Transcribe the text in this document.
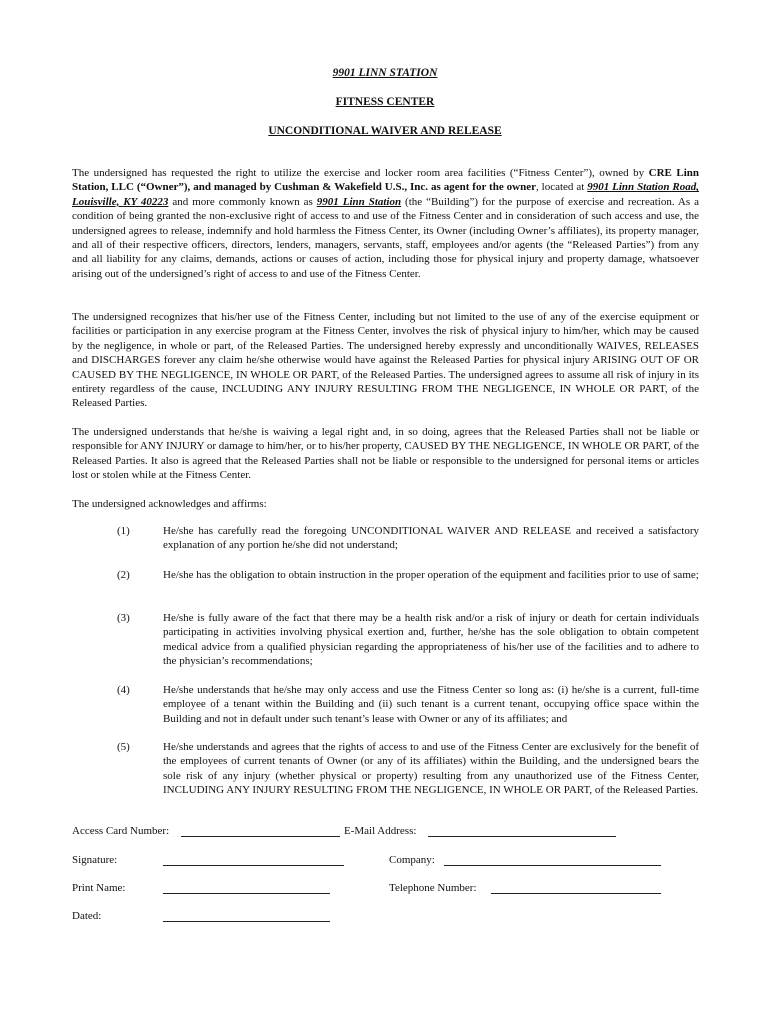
9901 LINN STATION
FITNESS CENTER
UNCONDITIONAL WAIVER AND RELEASE

The undersigned has requested the right to utilize the exercise and locker room area facilities (“Fitness Center”), owned by CRE Linn Station, LLC (“Owner”), and managed by Cushman & Wakefield U.S., Inc. as agent for the owner, located at 9901 Linn Station Road, Louisville, KY 40223 and more commonly known as 9901 Linn Station (the “Building”) for the purpose of exercise and recreation. As a condition of being granted the non-exclusive right of access to and use of the Fitness Center and in consideration of such access and use, the undersigned agrees to release, indemnify and hold harmless the Fitness Center, its Owner (including Owner’s affiliates), its property manager, and all of their respective officers, directors, lenders, managers, servants, staff, employees and/or agents (the “Released Parties”) from any and all liability for any claims, demands, actions or causes of action, including those for physical injury and property damage, whatsoever arising out of the undersigned’s right of access to and use of the Fitness Center.

The undersigned recognizes that his/her use of the Fitness Center, including but not limited to the use of any of the exercise equipment or facilities or participation in any exercise program at the Fitness Center, involves the risk of physical injury to him/her, which may be caused by the negligence, in whole or part, of the Released Parties. The undersigned hereby expressly and unconditionally WAIVES, RELEASES and DISCHARGES forever any claim he/she otherwise would have against the Released Parties for physical injury ARISING OUT OF OR CAUSED BY THE NEGLIGENCE, IN WHOLE OR PART, of the Released Parties. The undersigned agrees to assume all risk of injury in its entirety regardless of the cause, INCLUDING ANY INJURY RESULTING FROM THE NEGLIGENCE, IN WHOLE OR PART, of the Released Parties.

The undersigned understands that he/she is waiving a legal right and, in so doing, agrees that the Released Parties shall not be liable or responsible for ANY INJURY or damage to him/her, or to his/her property, CAUSED BY THE NEGLIGENCE, IN WHOLE OR PART, of the Released Parties. It also is agreed that the Released Parties shall not be liable or responsible to the undersigned for personal items or articles lost or stolen while at the Fitness Center.

The undersigned acknowledges and affirms:

(1)	He/she has carefully read the foregoing UNCONDITIONAL WAIVER AND RELEASE and received a satisfactory explanation of any portion he/she did not understand;
(2)	He/she has the obligation to obtain instruction in the proper operation of the equipment and facilities prior to use of same;
(3)	He/she is fully aware of the fact that there may be a health risk and/or a risk of injury or death for certain individuals participating in activities involving physical exertion and, further, he/she has the sole obligation to obtain competent medical advice from a qualified physician regarding the appropriateness of his/her use of the facilities and to adhere to the physician’s recommendations;
(4)	He/she understands that he/she may only access and use the Fitness Center so long as: (i) he/she is a current, full-time employee of a tenant within the Building and (ii) such tenant is a current tenant, occupying office space within the Building and not in default under such tenant’s lease with Owner or any of its affiliates; and
(5)	He/she understands and agrees that the rights of access to and use of the Fitness Center are exclusively for the benefit of the employees of current tenants of Owner (or any of its affiliates) within the Building, and the undersigned bears the sole risk of any injury (whether physical or property) resulting from any unauthorized use of the Fitness Center, INCLUDING ANY INJURY RESULTING FROM THE NEGLIGENCE, IN WHOLE OR PART, of the Released Parties.
Access Card Number:	E-Mail Address:
Signature:	Company:
Print Name:	Telephone Number:
Dated:
